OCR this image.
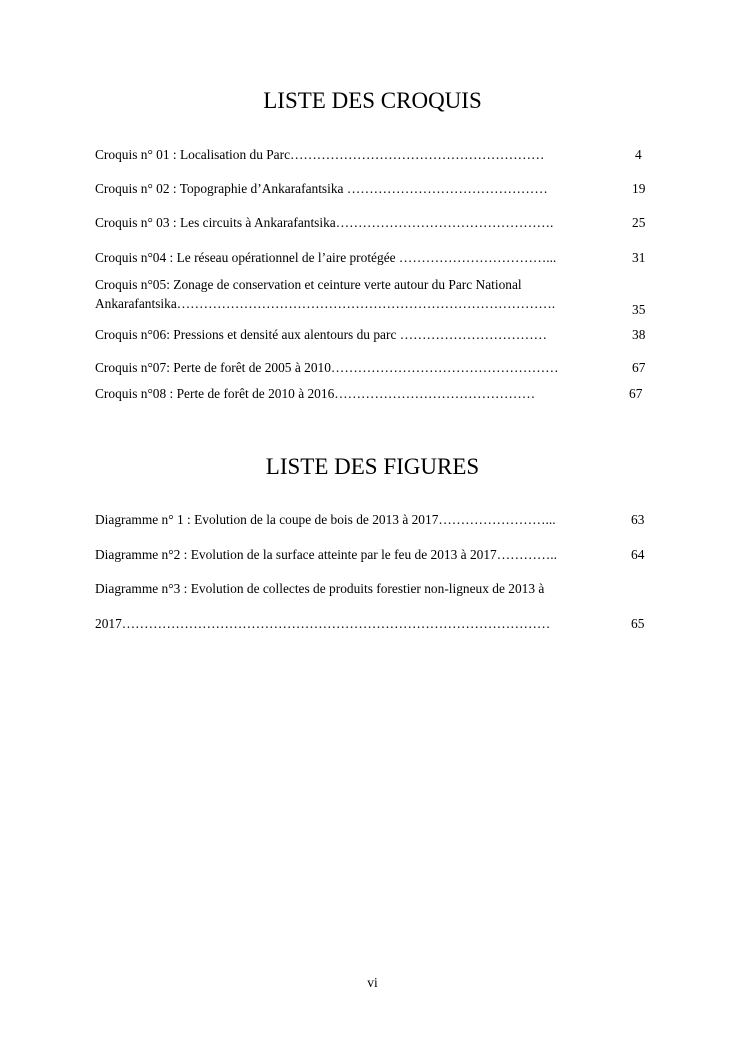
LISTE DES CROQUIS
Croquis n° 01 : Localisation du Parc…………………………………………………	4
Croquis n° 02 : Topographie d’Ankarafantsika ………………………………………	19
Croquis n° 03 : Les circuits à Ankarafantsika………………………………………….	25
Croquis n°04 : Le réseau opérationnel de l’aire protégée ……………………………...	31
Croquis n°05: Zonage de conservation et ceinture verte autour du Parc National
Ankarafantsika………………………………………………………………………….	35
Croquis n°06: Pressions et densité aux alentours du parc ……………………………	38
Croquis n°07: Perte de forêt de 2005 à 2010……………………………………………	67
Croquis n°08 : Perte de forêt de 2010 à 2016………………………………………	67
LISTE DES FIGURES
Diagramme n° 1 : Evolution de la coupe de bois de 2013 à 2017……………………...	63
Diagramme n°2 : Evolution de la surface atteinte par le feu de 2013 à 2017…………..	64
Diagramme n°3 : Evolution de collectes de produits forestier non-ligneux de 2013 à
2017……………………………………………………………………………………	65
vi
